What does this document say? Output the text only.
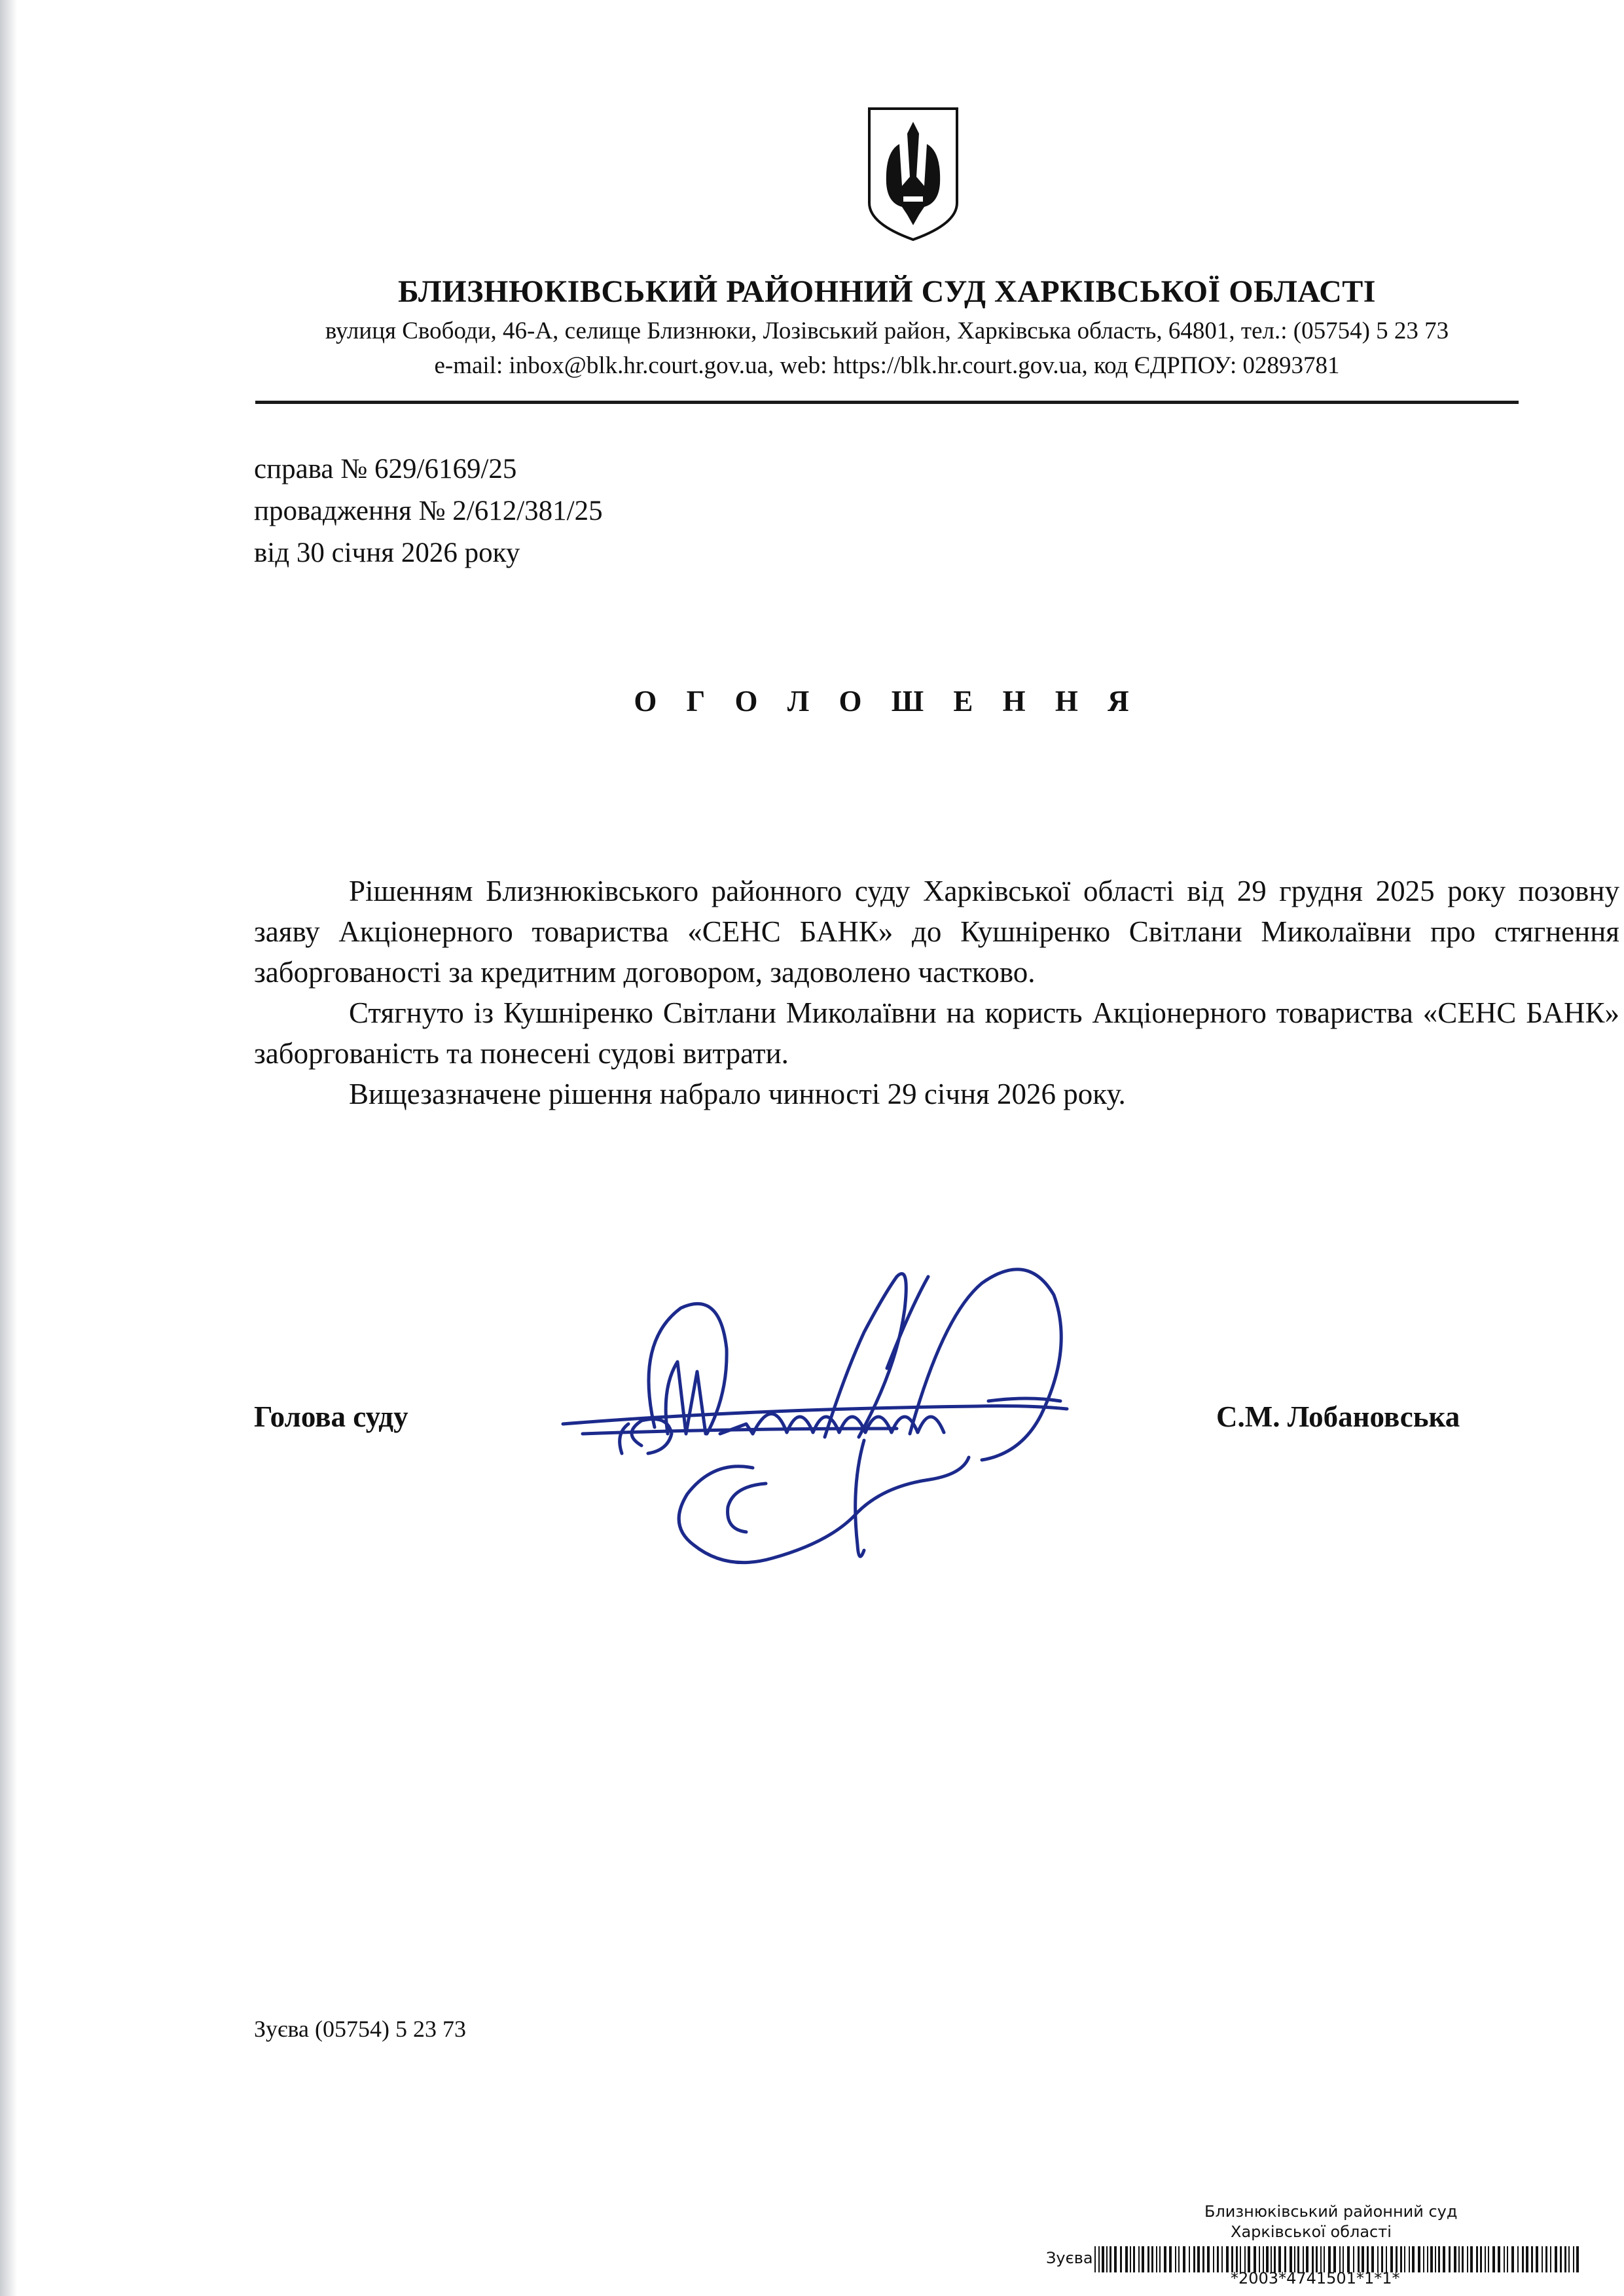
БЛИЗНЮКІВСЬКИЙ РАЙОННИЙ СУД ХАРКІВСЬКОЇ ОБЛАСТІ
вулиця Свободи, 46-А, селище Близнюки, Лозівський район, Харківська область, 64801, тел.: (05754) 5 23 73
e-mail: inbox@blk.hr.court.gov.ua, web: https://blk.hr.court.gov.ua, код ЄДРПОУ: 02893781
справа № 629/6169/25
провадження № 2/612/381/25
від 30 січня 2026 року
О Г О Л О Ш Е Н Н Я

Рішенням Близнюківського районного суду Харківської області від 29 грудня 2025 року позовну заяву Акціонерного товариства «СЕНС БАНК» до Кушніренко Світлани Миколаївни про стягнення заборгованості за кредитним договором, задоволено частково.

Стягнуто із Кушніренко Світлани Миколаївни на користь Акціонерного товариства «СЕНС БАНК» заборгованість та понесені судові витрати.

Вищезазначене рішення набрало чинності 29 січня 2026 року.

Голова суду	С.М. Лобановська
Зуєва (05754) 5 23 73
Близнюківський районний суд
Харківської області
Зуєва
*2003*4741501*1*1*
